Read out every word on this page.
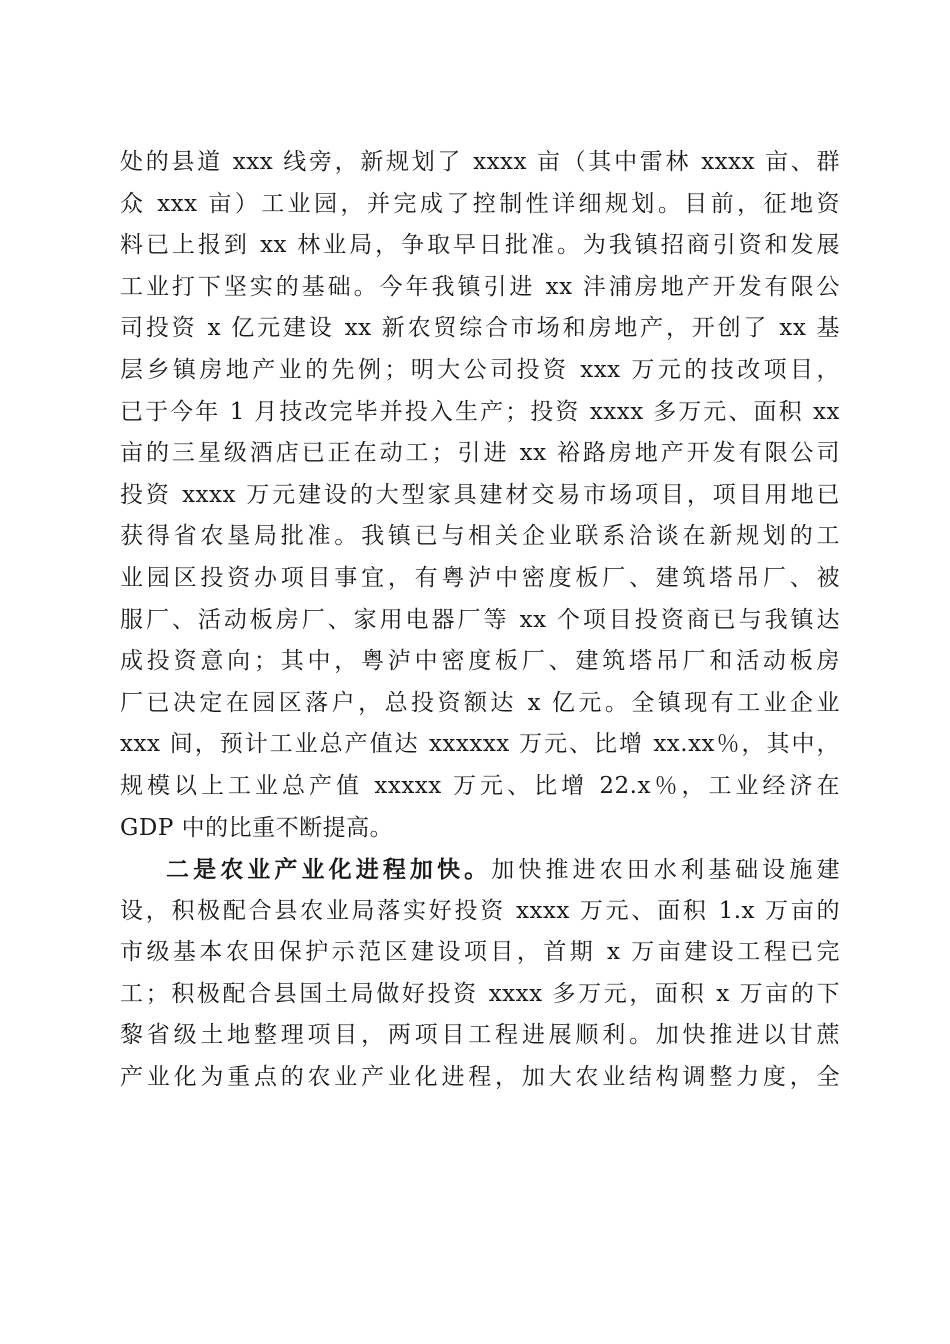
处的县道 xxx 线旁，新规划了 xxxx 亩（其中雷林 xxxx 亩、群
众 xxx 亩）工业园，并完成了控制性详细规划。目前，征地资
料已上报到 xx 林业局，争取早日批准。为我镇招商引资和发展
工业打下坚实的基础。今年我镇引进 xx 沣浦房地产开发有限公
司投资 x 亿元建设 xx 新农贸综合市场和房地产，开创了 xx 基
层乡镇房地产业的先例；明大公司投资 xxx 万元的技改项目，
已于今年 1 月技改完毕并投入生产；投资 xxxx 多万元、面积 xx
亩的三星级酒店已正在动工；引进 xx 裕路房地产开发有限公司
投资 xxxx 万元建设的大型家具建材交易市场项目，项目用地已
获得省农垦局批准。我镇已与相关企业联系洽谈在新规划的工
业园区投资办项目事宜，有粤泸中密度板厂、建筑塔吊厂、被
服厂、活动板房厂、家用电器厂等 xx 个项目投资商已与我镇达
成投资意向；其中，粤泸中密度板厂、建筑塔吊厂和活动板房
厂已决定在园区落户，总投资额达 x 亿元。全镇现有工业企业
xxx 间，预计工业总产值达 xxxxxx 万元、比增 xx.xx％，其中，
规模以上工业总产值 xxxxx 万元、比增 22.x％，工业经济在
GDP 中的比重不断提高。
二是农业产业化进程加快。加快推进农田水利基础设施建
设，积极配合县农业局落实好投资 xxxx 万元、面积 1.x 万亩的
市级基本农田保护示范区建设项目，首期 x 万亩建设工程已完
工；积极配合县国土局做好投资 xxxx 多万元，面积 x 万亩的下
黎省级土地整理项目，两项目工程进展顺利。加快推进以甘蔗
产业化为重点的农业产业化进程，加大农业结构调整力度，全
